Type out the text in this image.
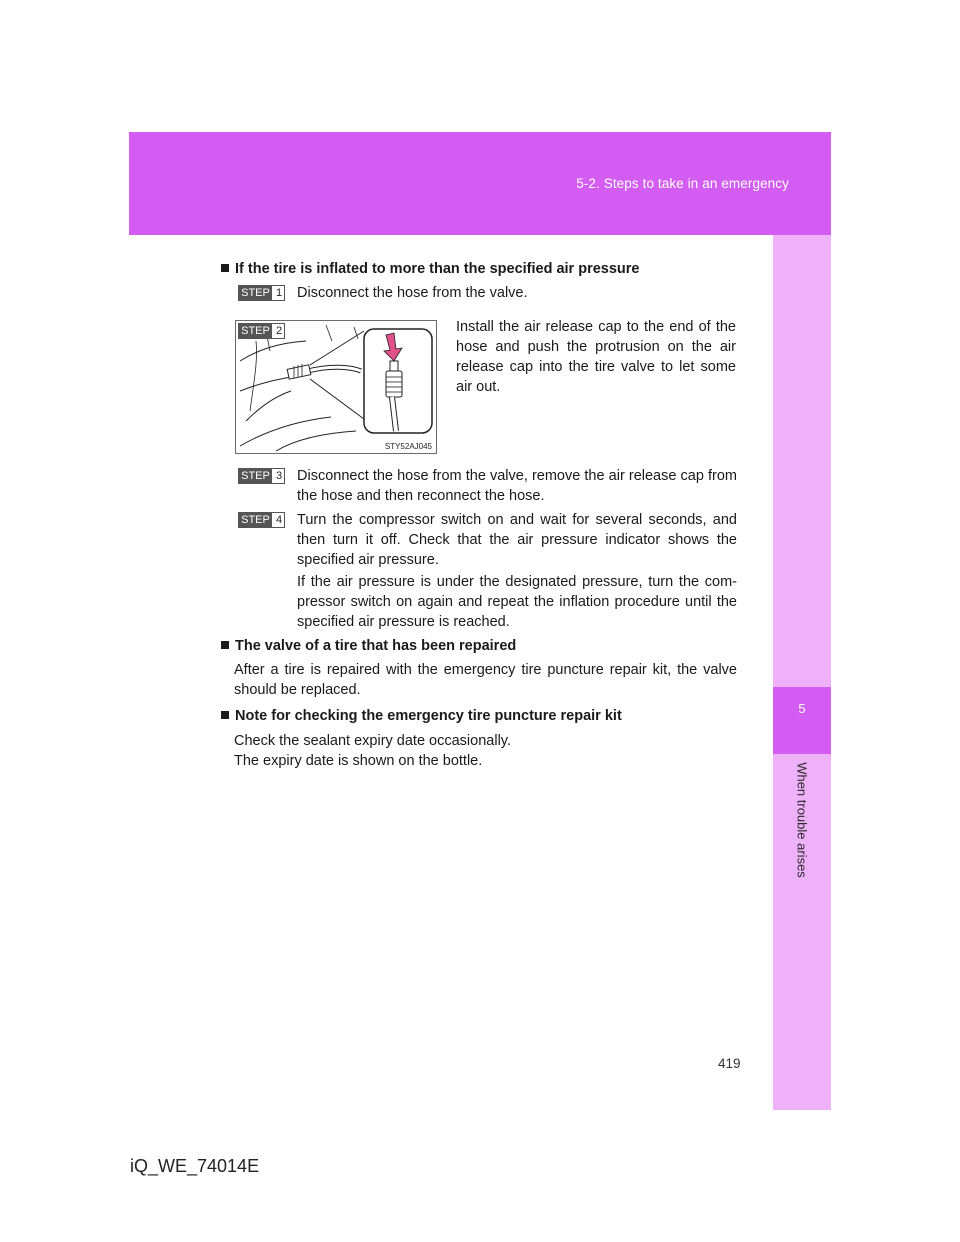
5-2. Steps to take in an emergency
5
When trouble arises
If the tire is inflated to more than the specified air pressure
STEP 1 Disconnect the hose from the valve.
STEP 2
STY52AJ045
Install the air release cap to the end of the hose and push the protrusion on the air release cap into the tire valve to let some air out.
STEP 3 Disconnect the hose from the valve, remove the air release cap from the hose and then reconnect the hose.
STEP 4 Turn the compressor switch on and wait for several seconds, and then turn it off. Check that the air pressure indicator shows the specified air pressure.
If the air pressure is under the designated pressure, turn the com-pressor switch on again and repeat the inflation procedure until the specified air pressure is reached.
The valve of a tire that has been repaired
After a tire is repaired with the emergency tire puncture repair kit, the valve should be replaced.
Note for checking the emergency tire puncture repair kit
Check the sealant expiry date occasionally.
The expiry date is shown on the bottle.
419
iQ_WE_74014E
